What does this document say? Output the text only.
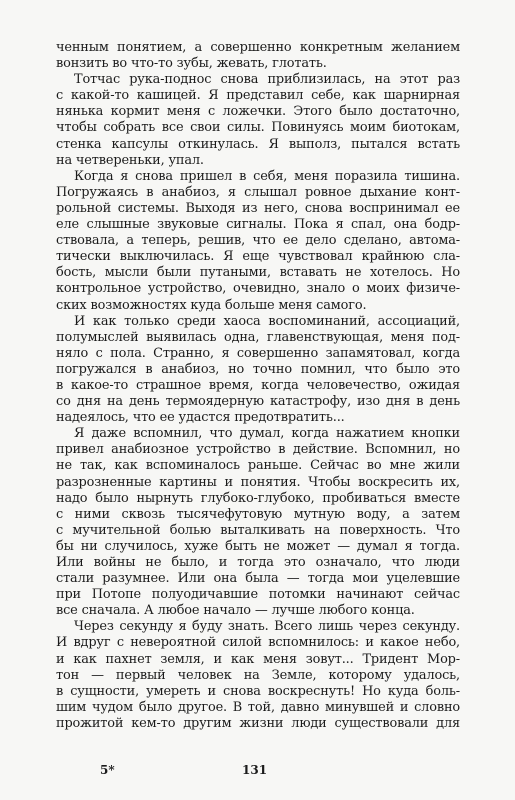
ченным понятием, а совершенно конкретным желанием
вонзить во что-то зубы, жевать, глотать.
Тотчас рука-поднос снова приблизилась, на этот раз
с какой-то кашицей. Я представил себе, как шарнирная
нянька кормит меня с ложечки. Этого было достаточно,
чтобы собрать все свои силы. Повинуясь моим биотокам,
стенка капсулы откинулась. Я выполз, пытался встать
на четвереньки, упал.
Когда я снова пришел в себя, меня поразила тишина.
Погружаясь в анабиоз, я слышал ровное дыхание конт-
рольной системы. Выходя из него, снова воспринимал ее
еле слышные звуковые сигналы. Пока я спал, она бодр-
ствовала, а теперь, решив, что ее дело сделано, автома-
тически выключилась. Я еще чувствовал крайнюю сла-
бость, мысли были путаными, вставать не хотелось. Но
контрольное устройство, очевидно, знало о моих физиче-
ских возможностях куда больше меня самого.
И как только среди хаоса воспоминаний, ассоциаций,
полумыслей выявилась одна, главенствующая, меня под-
няло с пола. Странно, я совершенно запамятовал, когда
погружался в анабиоз, но точно помнил, что было это
в какое-то страшное время, когда человечество, ожидая
со дня на день термоядерную катастрофу, изо дня в день
надеялось, что ее удастся предотвратить...
Я даже вспомнил, что думал, когда нажатием кнопки
привел анабиозное устройство в действие. Вспомнил, но
не так, как вспоминалось раньше. Сейчас во мне жили
разрозненные картины и понятия. Чтобы воскресить их,
надо было нырнуть глубоко-глубоко, пробиваться вместе
с ними сквозь тысячефутовую мутную воду, а затем
с мучительной болью выталкивать на поверхность. Что
бы ни случилось, хуже быть не может — думал я тогда.
Или войны не было, и тогда это означало, что люди
стали разумнее. Или она была — тогда мои уцелевшие
при Потопе полуодичавшие потомки начинают сейчас
все сначала. А любое начало — лучше любого конца.
Через секунду я буду знать. Всего лишь через секунду.
И вдруг с невероятной силой вспомнилось: и какое небо,
и как пахнет земля, и как меня зовут... Тридент Мор-
тон — первый человек на Земле, которому удалось,
в сущности, умереть и снова воскреснуть! Но куда боль-
шим чудом было другое. В той, давно минувшей и словно
прожитой кем-то другим жизни люди существовали для
5*	131
